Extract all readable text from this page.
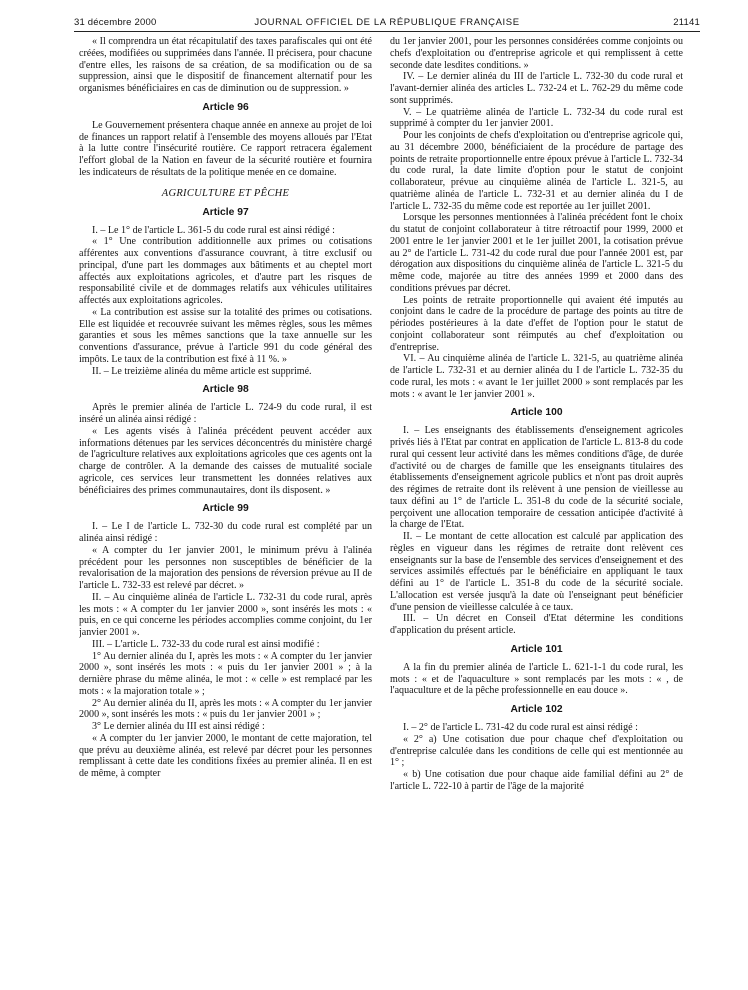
31 décembre 2000	JOURNAL OFFICIEL DE LA RÉPUBLIQUE FRANÇAISE	21141

« Il comprendra un état récapitulatif des taxes parafiscales qui ont été créées, modifiées ou supprimées dans l'année. Il précisera, pour chacune d'entre elles, les raisons de sa création, de sa modification ou de sa suppression, ainsi que le dispositif de financement alternatif pour les organismes bénéficiaires en cas de diminution ou de suppression. »

Article 96

Le Gouvernement présentera chaque année en annexe au projet de loi de finances un rapport relatif à l'ensemble des moyens alloués par l'Etat à la lutte contre l'insécurité routière. Ce rapport retracera également l'effort global de la Nation en faveur de la sécurité routière et fournira les indicateurs de résultats de la politique menée en ce domaine.

AGRICULTURE ET PÊCHE
Article 97

I. – Le 1° de l'article L. 361-5 du code rural est ainsi rédigé :

« 1° Une contribution additionnelle aux primes ou cotisations afférentes aux conventions d'assurance couvrant, à titre exclusif ou principal, d'une part les dommages aux bâtiments et au cheptel mort affectés aux exploitations agricoles, et d'autre part les risques de responsabilité civile et de dommages relatifs aux véhicules utilitaires affectés aux exploitations agricoles.

« La contribution est assise sur la totalité des primes ou cotisations. Elle est liquidée et recouvrée suivant les mêmes règles, sous les mêmes garanties et sous les mêmes sanctions que la taxe annuelle sur les conventions d'assurance, prévue à l'article 991 du code général des impôts. Le taux de la contribution est fixé à 11 %. »

II. – Le treizième alinéa du même article est supprimé.

Article 98

Après le premier alinéa de l'article L. 724-9 du code rural, il est inséré un alinéa ainsi rédigé :

« Les agents visés à l'alinéa précédent peuvent accéder aux informations détenues par les services déconcentrés du ministère chargé de l'agriculture relatives aux exploitations agricoles que ces agents ont la charge de contrôler. A la demande des caisses de mutualité sociale agricole, ces services leur transmettent les données relatives aux bénéficiaires des primes communautaires, dont ils disposent. »

Article 99

I. – Le I de l'article L. 732-30 du code rural est complété par un alinéa ainsi rédigé :

« A compter du 1er janvier 2001, le minimum prévu à l'alinéa précédent pour les personnes non susceptibles de bénéficier de la revalorisation de la majoration des pensions de réversion prévue au II de l'article L. 732-33 est relevé par décret. »

II. – Au cinquième alinéa de l'article L. 732-31 du code rural, après les mots : « A compter du 1er janvier 2000 », sont insérés les mots : « puis, en ce qui concerne les périodes accomplies comme conjoint, du 1er janvier 2001 ».

III. – L'article L. 732-33 du code rural est ainsi modifié :

1° Au dernier alinéa du I, après les mots : « A compter du 1er janvier 2000 », sont insérés les mots : « puis du 1er janvier 2001 » ; à la dernière phrase du même alinéa, le mot : « celle » est remplacé par les mots : « la majoration totale » ;

2° Au dernier alinéa du II, après les mots : « A compter du 1er janvier 2000 », sont insérés les mots : « puis du 1er janvier 2001 » ;

3° Le dernier alinéa du III est ainsi rédigé :

« A compter du 1er janvier 2000, le montant de cette majoration, tel que prévu au deuxième alinéa, est relevé par décret pour les personnes remplissant à cette date les conditions fixées au premier alinéa. Il en est de même, à compter

du 1er janvier 2001, pour les personnes considérées comme conjoints ou chefs d'exploitation ou d'entreprise agricole et qui remplissent à cette seconde date lesdites conditions. »

IV. – Le dernier alinéa du III de l'article L. 732-30 du code rural et l'avant-dernier alinéa des articles L. 732-24 et L. 762-29 du même code sont supprimés.

V. – Le quatrième alinéa de l'article L. 732-34 du code rural est supprimé à compter du 1er janvier 2001.

Pour les conjoints de chefs d'exploitation ou d'entreprise agricole qui, au 31 décembre 2000, bénéficiaient de la procédure de partage des points de retraite proportionnelle entre époux prévue à l'article L. 732-34 du code rural, la date limite d'option pour le statut de conjoint collaborateur, prévue au cinquième alinéa de l'article L. 321-5, au quatrième alinéa de l'article L. 732-31 et au dernier alinéa du I de l'article L. 732-35 du même code est reportée au 1er juillet 2001.

Lorsque les personnes mentionnées à l'alinéa précédent font le choix du statut de conjoint collaborateur à titre rétroactif pour 1999, 2000 et 2001 entre le 1er janvier 2001 et le 1er juillet 2001, la cotisation prévue au 2° de l'article L. 731-42 du code rural due pour l'année 2001 est, par dérogation aux dispositions du cinquième alinéa de l'article L. 321-5 du même code, majorée au titre des années 1999 et 2000 dans des conditions prévues par décret.

Les points de retraite proportionnelle qui avaient été imputés au conjoint dans le cadre de la procédure de partage des points au titre de périodes postérieures à la date d'effet de l'option pour le statut de conjoint collaborateur sont réimputés au chef d'exploitation ou d'entreprise.

VI. – Au cinquième alinéa de l'article L. 321-5, au quatrième alinéa de l'article L. 732-31 et au dernier alinéa du I de l'article L. 732-35 du code rural, les mots : « avant le 1er juillet 2000 » sont remplacés par les mots : « avant le 1er janvier 2001 ».

Article 100

I. – Les enseignants des établissements d'enseignement agricoles privés liés à l'Etat par contrat en application de l'article L. 813-8 du code rural qui cessent leur activité dans les mêmes conditions d'âge, de durée d'activité ou de charges de famille que les enseignants titulaires des établissements d'enseignement agricole publics et n'ont pas droit auprès des régimes de retraite dont ils relèvent à une pension de vieillesse au taux défini au 1° de l'article L. 351-8 du code de la sécurité sociale, perçoivent une allocation temporaire de cessation anticipée d'activité à la charge de l'Etat.

II. – Le montant de cette allocation est calculé par application des règles en vigueur dans les régimes de retraite dont relèvent ces enseignants sur la base de l'ensemble des services d'enseignement et des services assimilés effectués par le bénéficiaire en appliquant le taux défini au 1° de l'article L. 351-8 du code de la sécurité sociale. L'allocation est versée jusqu'à la date où l'enseignant peut bénéficier d'une pension de vieillesse calculée à ce taux.

III. – Un décret en Conseil d'Etat détermine les conditions d'application du présent article.

Article 101

A la fin du premier alinéa de l'article L. 621-1-1 du code rural, les mots : « et de l'aquaculture » sont remplacés par les mots : « , de l'aquaculture et de la pêche professionnelle en eau douce ».

Article 102

I. – 2° de l'article L. 731-42 du code rural est ainsi rédigé :

« 2° a) Une cotisation due pour chaque chef d'exploitation ou d'entreprise calculée dans les conditions de celle qui est mentionnée au 1° ;

« b) Une cotisation due pour chaque aide familial défini au 2° de l'article L. 722-10 à partir de l'âge de la majorité
